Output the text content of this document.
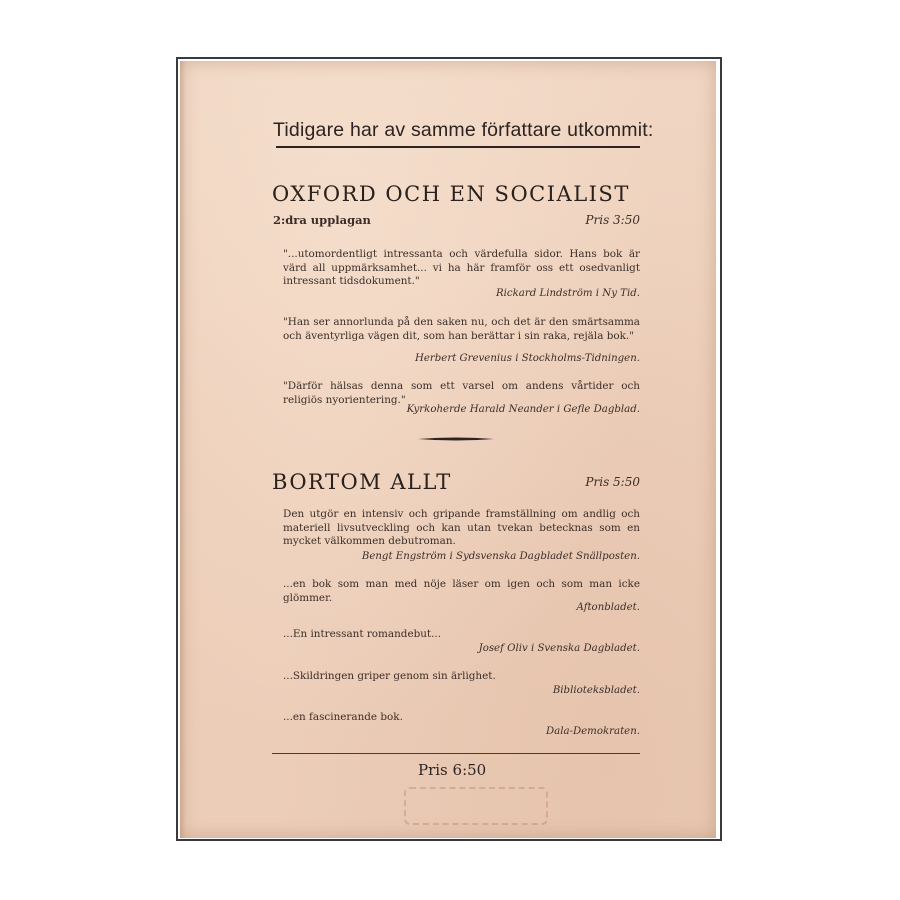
Tidigare har av samme författare utkommit:
OXFORD OCH EN SOCIALIST
2:dra upplagan	Pris 3:50
"...utomordentligt intressanta och värdefulla sidor. Hans bok är värd all uppmärksamhet... vi ha här framför oss ett osedvanligt intressant tidsdokument."
Rickard Lindström i Ny Tid.
"Han ser annorlunda på den saken nu, och det är den smärtsamma och äventyrliga vägen dit, som han berättar i sin raka, rejäla bok."
Herbert Grevenius i Stockholms-Tidningen.
"Därför hälsas denna som ett varsel om andens vårtider och religiös nyorientering."
Kyrkoherde Harald Neander i Gefle Dagblad.
BORTOM ALLT	Pris 5:50
Den utgör en intensiv och gripande framställning om andlig och materiell livsutveckling och kan utan tvekan betecknas som en mycket välkommen debutroman.
Bengt Engström i Sydsvenska Dagbladet Snällposten.
...en bok som man med nöje läser om igen och som man icke glömmer.
Aftonbladet.
...En intressant romandebut...
Josef Oliv i Svenska Dagbladet.
...Skildringen griper genom sin ärlighet.
Biblioteksbladet.
...en fascinerande bok.
Dala-Demokraten.
Pris 6:50
